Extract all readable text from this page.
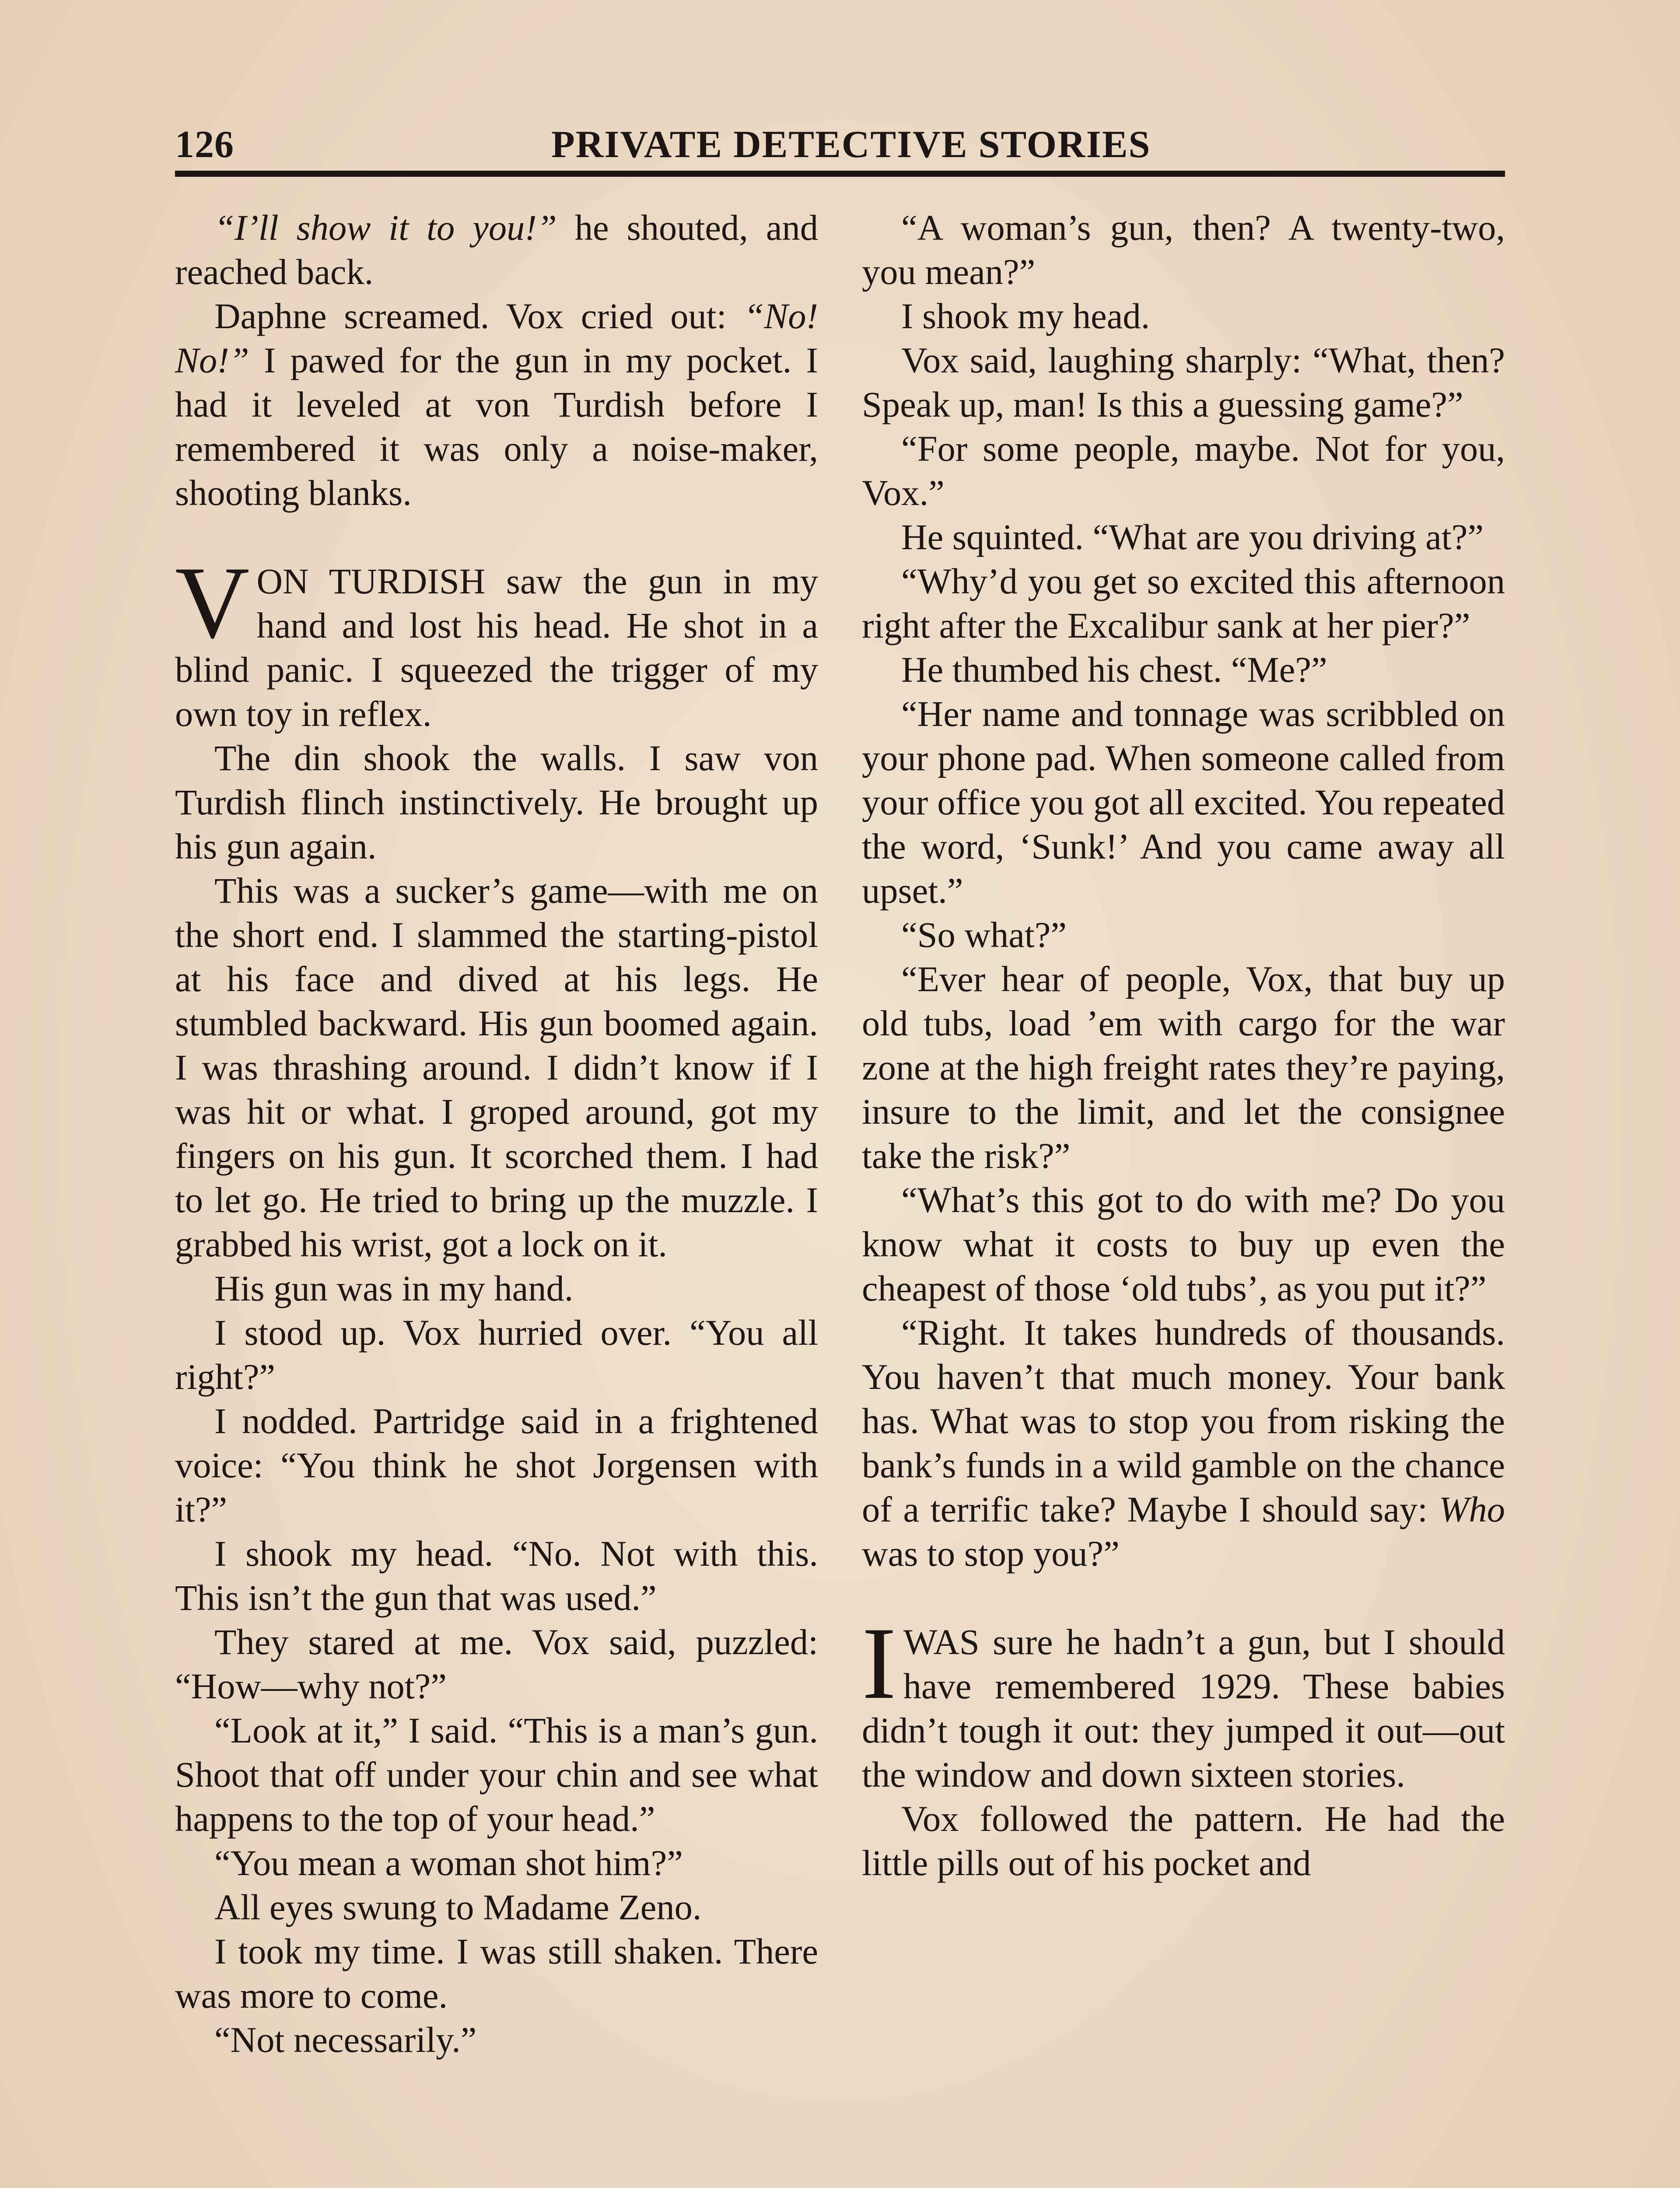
126	PRIVATE DETECTIVE STORIES

“I’ll show it to you!” he shouted, and reached back.

Daphne screamed. Vox cried out: “No! No!” I pawed for the gun in my pocket. I had it leveled at von Turdish before I remembered it was only a noise-maker, shooting blanks.

VON TURDISH saw the gun in my hand and lost his head. He shot in a blind panic. I squeezed the trigger of my own toy in reflex.

The din shook the walls. I saw von Turdish flinch instinctively. He brought up his gun again.

This was a sucker’s game—with me on the short end. I slammed the starting-pistol at his face and dived at his legs. He stumbled backward. His gun boomed again. I was thrashing around. I didn’t know if I was hit or what. I groped around, got my fingers on his gun. It scorched them. I had to let go. He tried to bring up the muzzle. I grabbed his wrist, got a lock on it.

His gun was in my hand.

I stood up. Vox hurried over. “You all right?”

I nodded. Partridge said in a frightened voice: “You think he shot Jorgensen with it?”

I shook my head. “No. Not with this. This isn’t the gun that was used.”

They stared at me. Vox said, puzzled: “How—why not?”

“Look at it,” I said. “This is a man’s gun. Shoot that off under your chin and see what happens to the top of your head.”

“You mean a woman shot him?”

All eyes swung to Madame Zeno.

I took my time. I was still shaken. There was more to come.

“Not necessarily.”

“A woman’s gun, then? A twenty-two, you mean?”

I shook my head.

Vox said, laughing sharply: “What, then? Speak up, man! Is this a guessing game?”

“For some people, maybe. Not for you, Vox.”

He squinted. “What are you driving at?”

“Why’d you get so excited this afternoon right after the Excalibur sank at her pier?”

He thumbed his chest. “Me?”

“Her name and tonnage was scribbled on your phone pad. When someone called from your office you got all excited. You repeated the word, ‘Sunk!’ And you came away all upset.”

“So what?”

“Ever hear of people, Vox, that buy up old tubs, load ’em with cargo for the war zone at the high freight rates they’re paying, insure to the limit, and let the consignee take the risk?”

“What’s this got to do with me? Do you know what it costs to buy up even the cheapest of those ‘old tubs’, as you put it?”

“Right. It takes hundreds of thousands. You haven’t that much money. Your bank has. What was to stop you from risking the bank’s funds in a wild gamble on the chance of a terrific take? Maybe I should say: Who was to stop you?”

IWAS sure he hadn’t a gun, but I should have remembered 1929. These babies didn’t tough it out: they jumped it out—out the window and down sixteen stories.

Vox followed the pattern. He had the little pills out of his pocket and
